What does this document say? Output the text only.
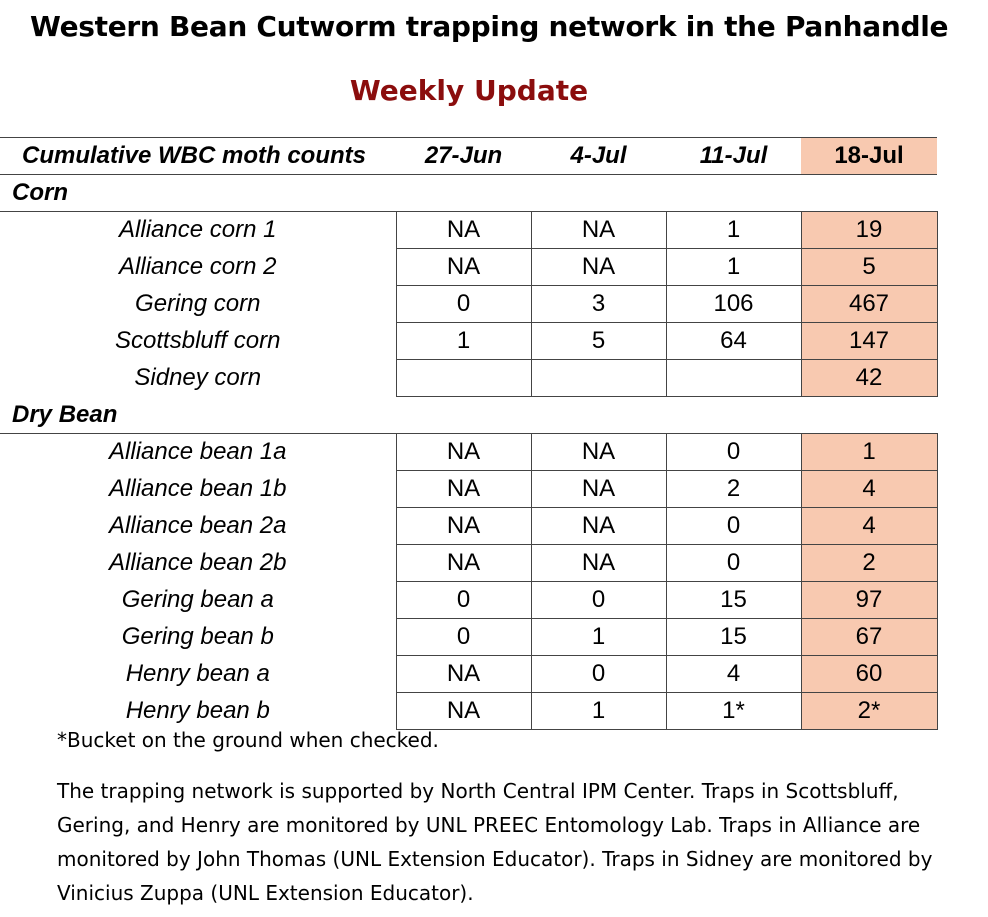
Western Bean Cutworm trapping network in the Panhandle
Weekly Update
Cumulative WBC moth counts	27-Jun	4-Jul	11-Jul	18-Jul
Corn				
Alliance corn 1	NA	NA	1	19
Alliance corn 2	NA	NA	1	5
Gering corn	0	3	106	467
Scottsbluff corn	1	5	64	147
Sidney corn				42
Dry Bean				
Alliance bean 1a	NA	NA	0	1
Alliance bean 1b	NA	NA	2	4
Alliance bean 2a	NA	NA	0	4
Alliance bean 2b	NA	NA	0	2
Gering bean a	0	0	15	97
Gering bean b	0	1	15	67
Henry bean a	NA	0	4	60
Henry bean b	NA	1	1*	2*
*Bucket on the ground when checked.
The trapping network is supported by North Central IPM Center. Traps in Scottsbluff, Gering, and Henry are monitored by UNL PREEC Entomology Lab. Traps in Alliance are monitored by John Thomas (UNL Extension Educator). Traps in Sidney are monitored by Vinicius Zuppa (UNL Extension Educator).
